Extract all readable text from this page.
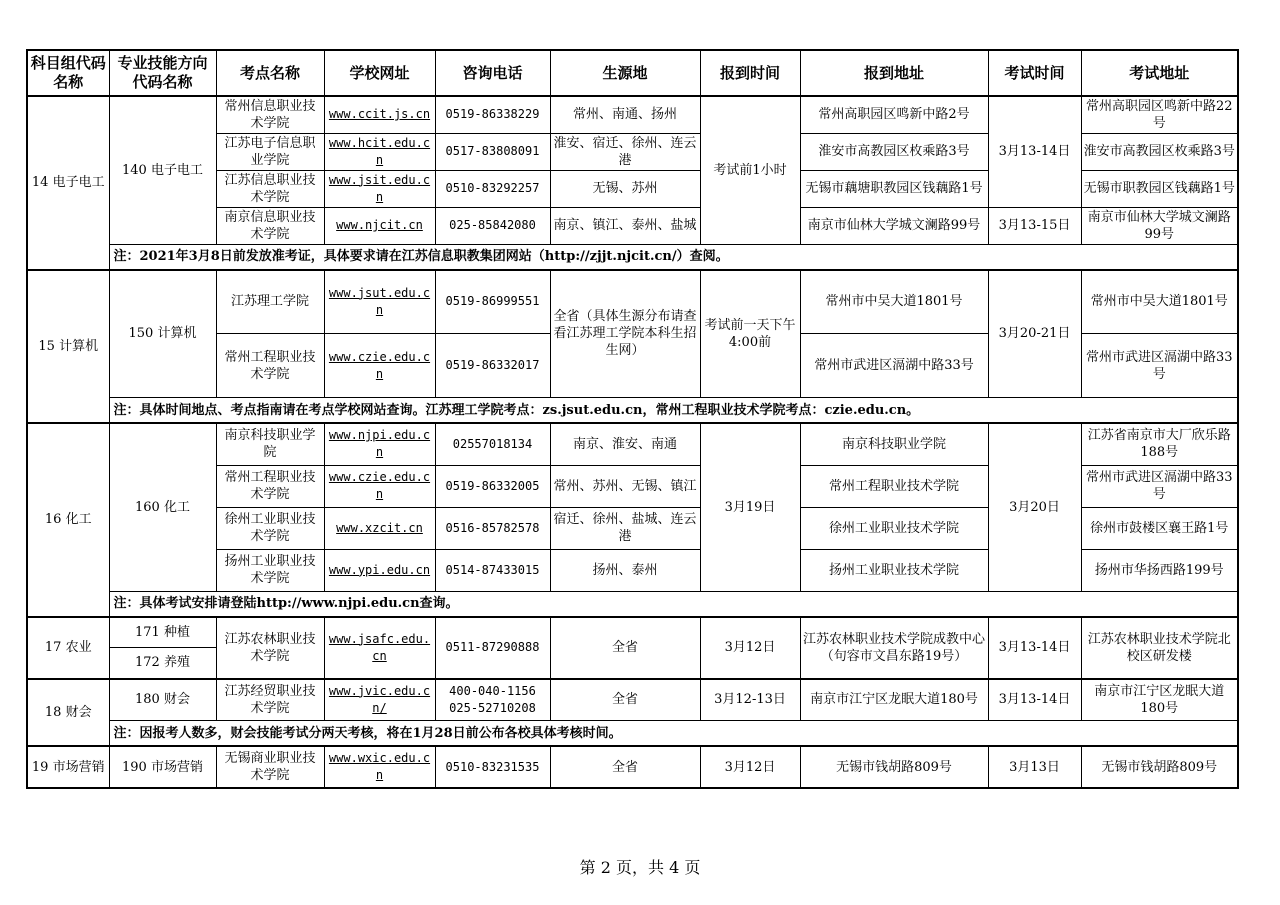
科目组代码名称	专业技能方向代码名称	考点名称	学校网址	咨询电话	生源地	报到时间	报到地址	考试时间	考试地址
14 电子电工	140 电子电工	常州信息职业技术学院	www.ccit.js.cn	0519-86338229	常州、南通、扬州	考试前1小时	常州高职园区鸣新中路2号	3月13-14日	常州高职园区鸣新中路22号
		江苏电子信息职业学院	www.hcit.edu.cn	0517-83808091	淮安、宿迁、徐州、连云港		淮安市高教园区枚乘路3号		淮安市高教园区枚乘路3号
		江苏信息职业技术学院	www.jsit.edu.cn	0510-83292257	无锡、苏州		无锡市藕塘职教园区钱藕路1号		无锡市职教园区钱藕路1号
		南京信息职业技术学院	www.njcit.cn	025-85842080	南京、镇江、泰州、盐城		南京市仙林大学城文澜路99号	3月13-15日	南京市仙林大学城文澜路99号
	注：2021年3月8日前发放准考证，具体要求请在江苏信息职教集团网站（http://zjjt.njcit.cn/）查阅。								
15 计算机	150 计算机	江苏理工学院	www.jsut.edu.cn	0519-86999551	全省（具体生源分布请查看江苏理工学院本科生招生网）	考试前一天下午4:00前	常州市中吴大道1801号	3月20-21日	常州市中吴大道1801号
		常州工程职业技术学院	www.czie.edu.cn	0519-86332017			常州市武进区滆湖中路33号		常州市武进区滆湖中路33号
	注：具体时间地点、考点指南请在考点学校网站查询。江苏理工学院考点：zs.jsut.edu.cn，常州工程职业技术学院考点：czie.edu.cn。								
16 化工	160 化工	南京科技职业学院	www.njpi.edu.cn	02557018134	南京、淮安、南通	3月19日	南京科技职业学院	3月20日	江苏省南京市大厂欣乐路188号
		常州工程职业技术学院	www.czie.edu.cn	0519-86332005	常州、苏州、无锡、镇江		常州工程职业技术学院		常州市武进区滆湖中路33号
		徐州工业职业技术学院	www.xzcit.cn	0516-85782578	宿迁、徐州、盐城、连云港		徐州工业职业技术学院		徐州市鼓楼区襄王路1号
		扬州工业职业技术学院	www.ypi.edu.cn	0514-87433015	扬州、泰州		扬州工业职业技术学院		扬州市华扬西路199号
	注：具体考试安排请登陆http://www.njpi.edu.cn查询。								
17 农业	171 种植	江苏农林职业技术学院	www.jsafc.edu.cn	0511-87290888	全省	3月12日	江苏农林职业技术学院成教中心（句容市文昌东路19号）	3月13-14日	江苏农林职业技术学院北校区研发楼
	172 养殖								
18 财会	180 财会	江苏经贸职业技术学院	www.jvic.edu.cn/	400-040-1156 025-52710208	全省	3月12-13日	南京市江宁区龙眠大道180号	3月13-14日	南京市江宁区龙眠大道180号
	注：因报考人数多，财会技能考试分两天考核，将在1月28日前公布各校具体考核时间。								
19 市场营销	190 市场营销	无锡商业职业技术学院	www.wxic.edu.cn	0510-83231535	全省	3月12日	无锡市钱胡路809号	3月13日	无锡市钱胡路809号
第 2 页，共 4 页
